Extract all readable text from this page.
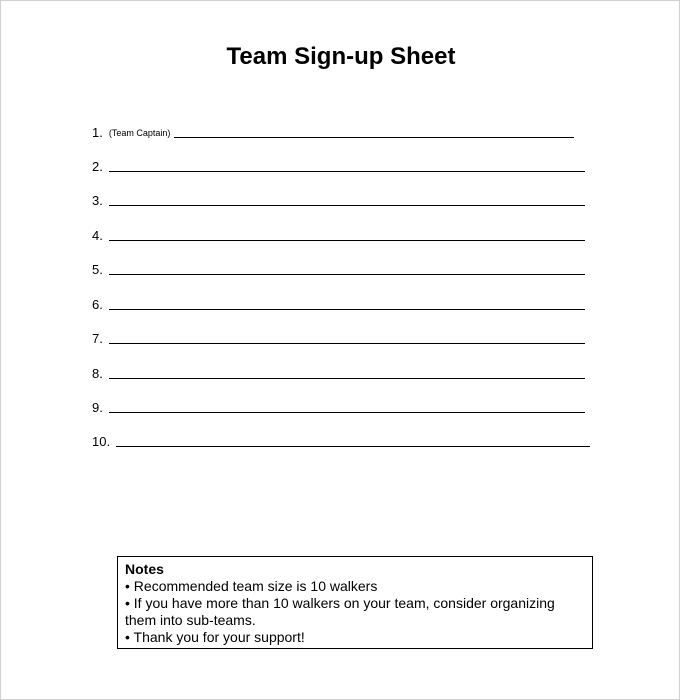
Team Sign-up Sheet
1. (Team Captain)
2.
3.
4.
5.
6.
7.
8.
9.
10.
Notes
• Recommended team size is 10 walkers
• If you have more than 10 walkers on your team, consider organizing them into sub-teams.
• Thank you for your support!
